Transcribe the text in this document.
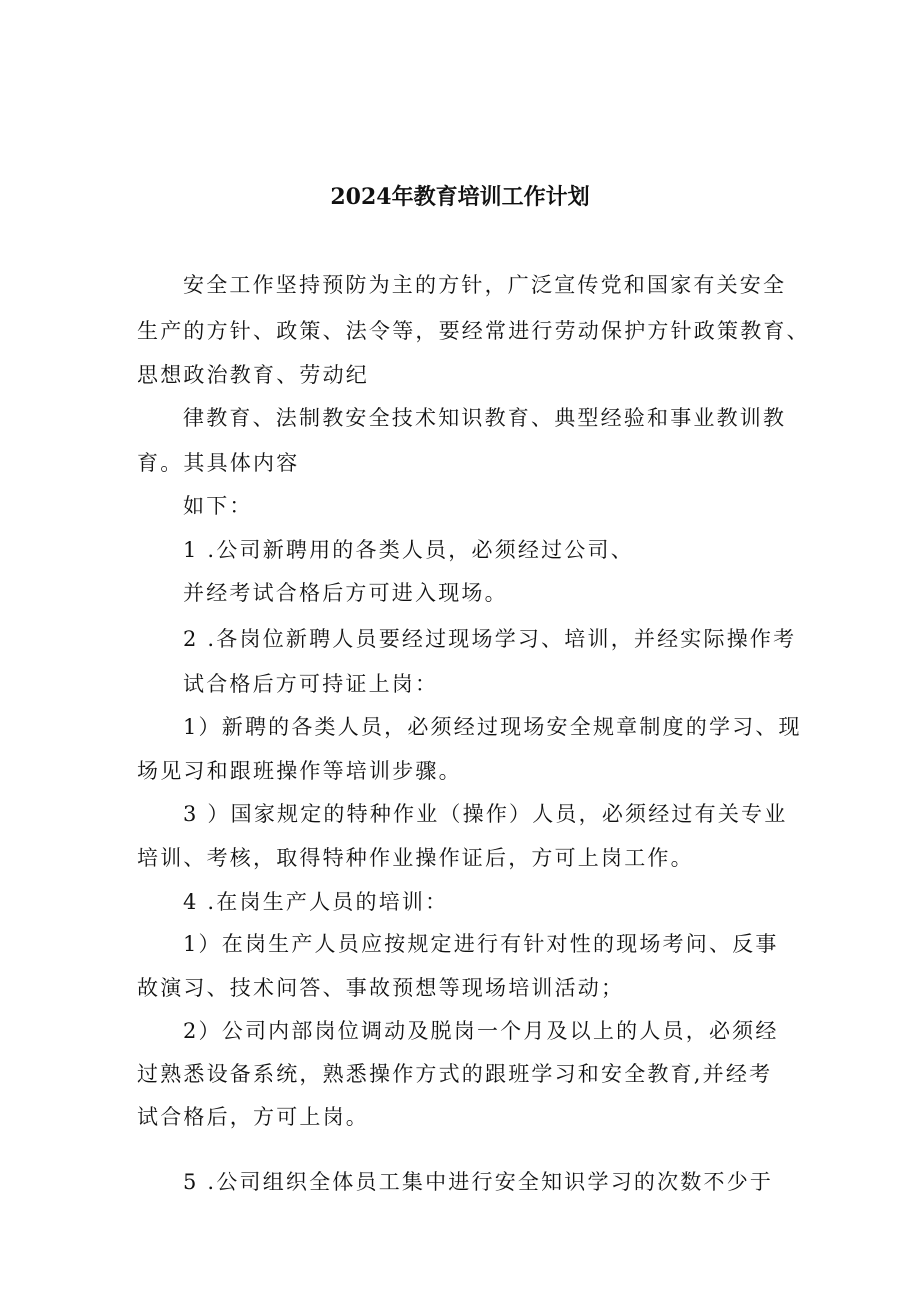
2024年教育培训工作计划
安全工作坚持预防为主的方针，广泛宣传党和国家有关安全
生产的方针、政策、法令等，要经常进行劳动保护方针政策教育、
思想政治教育、劳动纪
律教育、法制教安全技术知识教育、典型经验和事业教训教
育。其具体内容
如下：
1 .公司新聘用的各类人员，必须经过公司、
并经考试合格后方可进入现场。
2 .各岗位新聘人员要经过现场学习、培训，并经实际操作考
试合格后方可持证上岗：
1）新聘的各类人员，必须经过现场安全规章制度的学习、现
场见习和跟班操作等培训步骤。
3 ）国家规定的特种作业（操作）人员，必须经过有关专业
培训、考核，取得特种作业操作证后，方可上岗工作。
4 .在岗生产人员的培训：
1）在岗生产人员应按规定进行有针对性的现场考问、反事
故演习、技术问答、事故预想等现场培训活动；
2）公司内部岗位调动及脱岗一个月及以上的人员，必须经
过熟悉设备系统，熟悉操作方式的跟班学习和安全教育,并经考
试合格后，方可上岗。
5 .公司组织全体员工集中进行安全知识学习的次数不少于
